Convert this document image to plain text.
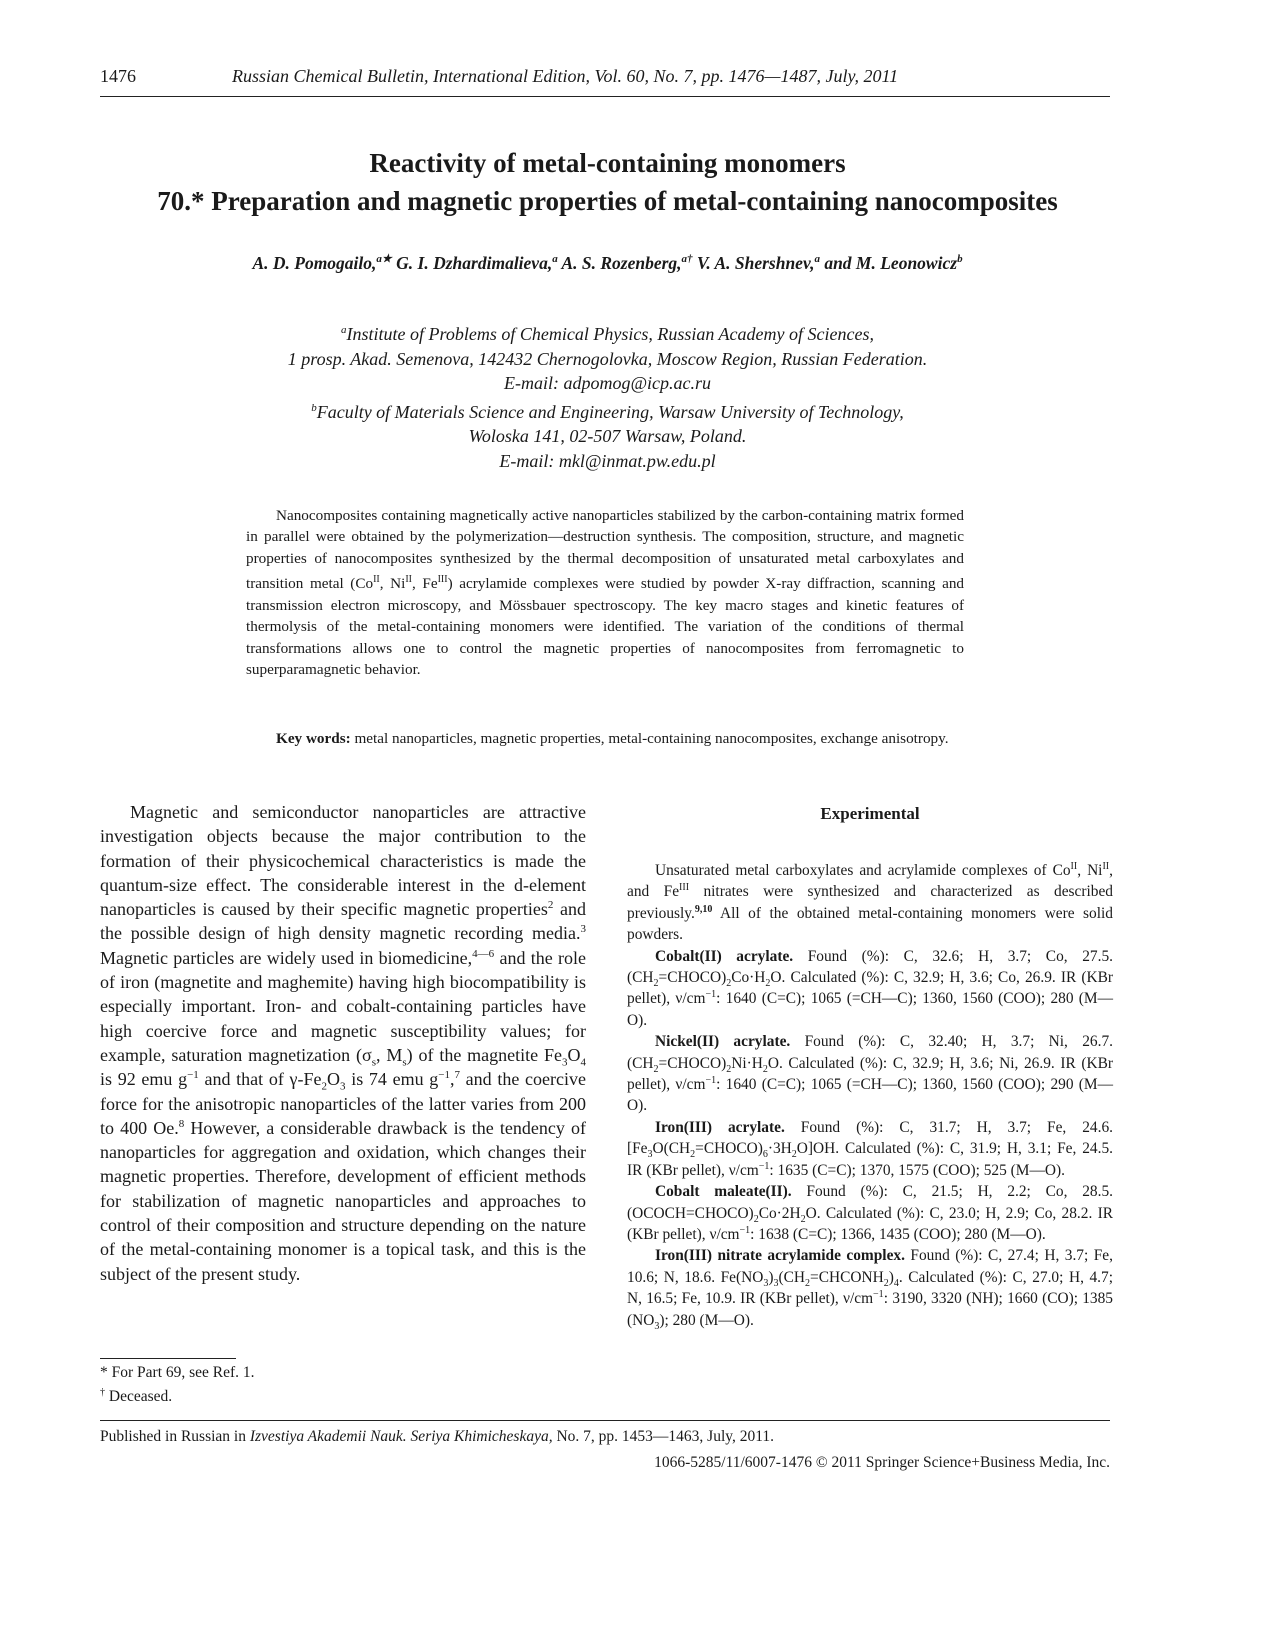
1476	Russian Chemical Bulletin, International Edition, Vol. 60, No. 7, pp. 1476—1487, July, 2011
Reactivity of metal-containing monomers
70.* Preparation and magnetic properties of metal-containing nanocomposites
A. D. Pomogailo,$^{a★}$ G. I. Dzhardimalieva,$^a$ A. S. Rozenberg,$^{a\dagger}$ V. A. Shershnev,$^a$ and M. Leonowicz$^b$
$^a$Institute of Problems of Chemical Physics, Russian Academy of Sciences,
1 prosp. Akad. Semenova, 142432 Chernogolovka, Moscow Region, Russian Federation.
E-mail: adpomog@icp.ac.ru
$^b$Faculty of Materials Science and Engineering, Warsaw University of Technology,
Woloska 141, 02-507 Warsaw, Poland.
E-mail: mkl@inmat.pw.edu.pl
Nanocomposites containing magnetically active nanoparticles stabilized by the carbon-containing matrix formed in parallel were obtained by the polymerization—destruction synthesis. The composition, structure, and magnetic properties of nanocomposites synthesized by the thermal decomposition of unsaturated metal carboxylates and transition metal ($Co^{II}$, $Ni^{II}$, $Fe^{III}$) acrylamide complexes were studied by powder X-ray diffraction, scanning and transmission electron microscopy, and Mössbauer spectroscopy. The key macro stages and kinetic features of thermolysis of the metal-containing monomers were identified. The variation of the conditions of thermal transformations allows one to control the magnetic properties of nanocomposites from ferromagnetic to superparamagnetic behavior.
Key words: metal nanoparticles, magnetic properties, metal-containing nanocomposites, exchange anisotropy.
Magnetic and semiconductor nanoparticles are attractive investigation objects because the major contribution to the formation of their physicochemical characteristics is made the quantum-size effect. The considerable interest in the d-element nanoparticles is caused by their specific magnetic properties$^2$ and the possible design of high density magnetic recording media.$^3$ Magnetic particles are widely used in biomedicine,$^{4—6}$ and the role of iron (magnetite and maghemite) having high biocompatibility is especially important. Iron- and cobalt-containing particles have high coercive force and magnetic susceptibility values; for example, saturation magnetization ($\sigma_s$, $M_s$) of the magnetite $Fe_3O_4$ is 92 emu $g^{-1}$ and that of $\gamma-Fe_2O_3$ is 74 emu $g^{-1},^7$ and the coercive force for the anisotropic nanoparticles of the latter varies from 200 to 400 Oe.$^8$ However, a considerable drawback is the tendency of nanoparticles for aggregation and oxidation, which changes their magnetic properties. Therefore, development of efficient methods for stabilization of magnetic nanoparticles and approaches to control of their composition and structure depending on the nature of the metal-containing monomer is a topical task, and this is the subject of the present study.
* For Part 69, see Ref. 1.
† Deceased.
Experimental

Unsaturated metal carboxylates and acrylamide complexes of $Co^{II}$, $Ni^{II}$, and $Fe^{III}$ nitrates were synthesized and characterized as described previously.$^{9,10}$ All of the obtained metal-containing monomers were solid powders.

Cobalt(II) acrylate. Found (%): C, 32.6; H, 3.7; Co, 27.5. $(CH_2=CHOCO)_2Co\cdot H_2O$. Calculated (%): C, 32.9; H, 3.6; Co, 26.9. IR (KBr pellet), $\nu/cm^{-1}$: 1640 (C=C); 1065 (=CH—C); 1360, 1560 (COO); 280 (M—O).

Nickel(II) acrylate. Found (%): C, 32.40; H, 3.7; Ni, 26.7. $(CH_2=CHOCO)_2Ni\cdot H_2O$. Calculated (%): C, 32.9; H, 3.6; Ni, 26.9. IR (KBr pellet), $\nu/cm^{-1}$: 1640 (C=C); 1065 (=CH—C); 1360, 1560 (COO); 290 (M—O).

Iron(III) acrylate. Found (%): C, 31.7; H, 3.7; Fe, 24.6. $[Fe_3O(CH_2=CHOCO)_6\cdot 3H_2O]OH$. Calculated (%): C, 31.9; H, 3.1; Fe, 24.5. IR (KBr pellet), $\nu/cm^{-1}$: 1635 (C=C); 1370, 1575 (COO); 525 (M—O).

Cobalt maleate(II). Found (%): C, 21.5; H, 2.2; Co, 28.5. $(OCOCH=CHOCO)_2Co\cdot 2H_2O$. Calculated (%): C, 23.0; H, 2.9; Co, 28.2. IR (KBr pellet), $\nu/cm^{-1}$: 1638 (C=C); 1366, 1435 (COO); 280 (M—O).

Iron(III) nitrate acrylamide complex. Found (%): C, 27.4; H, 3.7; Fe, 10.6; N, 18.6. $Fe(NO_3)_3(CH_2=CHCONH_2)_4$. Calculated (%): C, 27.0; H, 4.7; N, 16.5; Fe, 10.9. IR (KBr pellet), $\nu/cm^{-1}$: 3190, 3320 (NH); 1660 (CO); 1385 $(NO_3)$; 280 (M—O).

Published in Russian in Izvestiya Akademii Nauk. Seriya Khimicheskaya, No. 7, pp. 1453—1463, July, 2011.
1066-5285/11/6007-1476 © 2011 Springer Science+Business Media, Inc.
